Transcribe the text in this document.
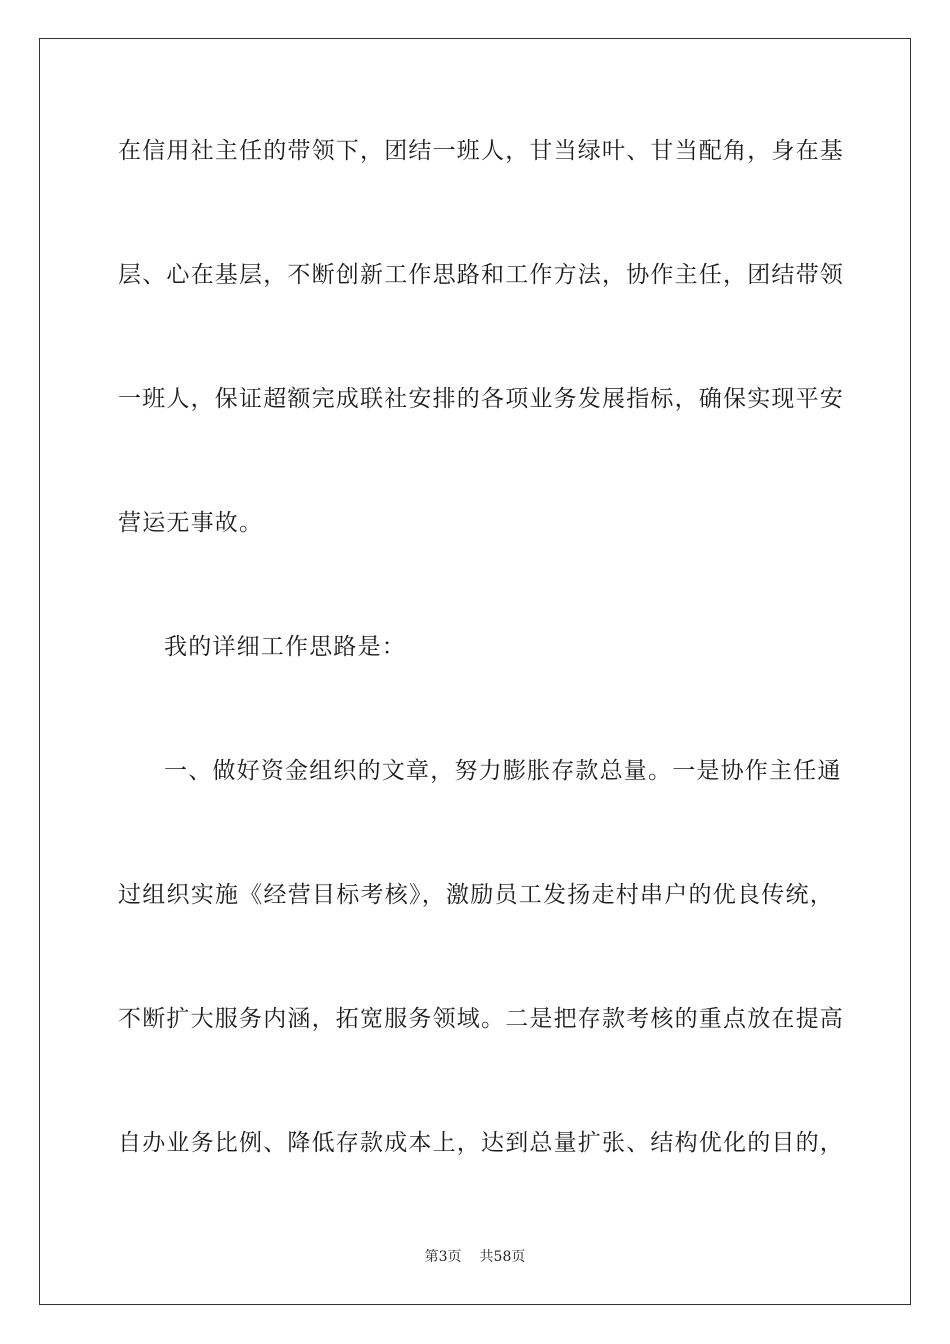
在信用社主任的带领下，团结一班人，甘当绿叶、甘当配角，身在基
层、心在基层，不断创新工作思路和工作方法，协作主任，团结带领
一班人，保证超额完成联社安排的各项业务发展指标，确保实现平安
营运无事故。
我的详细工作思路是：
一、做好资金组织的文章，努力膨胀存款总量。一是协作主任通
过组织实施《经营目标考核》，激励员工发扬走村串户的优良传统，
不断扩大服务内涵，拓宽服务领域。二是把存款考核的重点放在提高
自办业务比例、降低存款成本上，达到总量扩张、结构优化的目的，
第3页 共58页
